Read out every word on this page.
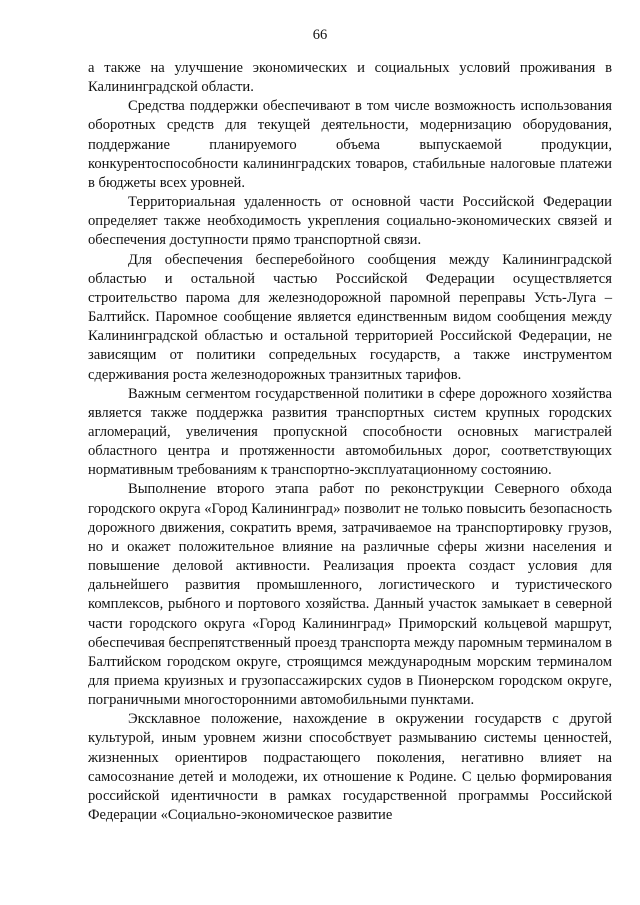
66

а также на улучшение экономических и социальных условий проживания в Калининградской области.

Средства поддержки обеспечивают в том числе возможность использования оборотных средств для текущей деятельности, модернизацию оборудования, поддержание планируемого объема выпускаемой продукции, конкурентоспособности калининградских товаров, стабильные налоговые платежи в бюджеты всех уровней.

Территориальная удаленность от основной части Российской Федерации определяет также необходимость укрепления социально-экономических связей и обеспечения доступности прямо транспортной связи.

Для обеспечения бесперебойного сообщения между Калининградской областью и остальной частью Российской Федерации осуществляется строительство парома для железнодорожной паромной переправы Усть-Луга – Балтийск. Паромное сообщение является единственным видом сообщения между Калининградской областью и остальной территорией Российской Федерации, не зависящим от политики сопредельных государств, а также инструментом сдерживания роста железнодорожных транзитных тарифов.

Важным сегментом государственной политики в сфере дорожного хозяйства является также поддержка развития транспортных систем крупных городских агломераций, увеличения пропускной способности основных магистралей областного центра и протяженности автомобильных дорог, соответствующих нормативным требованиям к транспортно-эксплуатационному состоянию.

Выполнение второго этапа работ по реконструкции Северного обхода городского округа «Город Калининград» позволит не только повысить безопасность дорожного движения, сократить время, затрачиваемое на транспортировку грузов, но и окажет положительное влияние на различные сферы жизни населения и повышение деловой активности. Реализация проекта создаст условия для дальнейшего развития промышленного, логистического и туристического комплексов, рыбного и портового хозяйства. Данный участок замыкает в северной части городского округа «Город Калининград» Приморский кольцевой маршрут, обеспечивая беспрепятственный проезд транспорта между паромным терминалом в Балтийском городском округе, строящимся международным морским терминалом для приема круизных и грузопассажирских судов в Пионерском городском округе, пограничными многосторонними автомобильными пунктами.

Эксклавное положение, нахождение в окружении государств с другой культурой, иным уровнем жизни способствует размыванию системы ценностей, жизненных ориентиров подрастающего поколения, негативно влияет на самосознание детей и молодежи, их отношение к Родине. С целью формирования российской идентичности в рамках государственной программы Российской Федерации «Социально-экономическое развитие
